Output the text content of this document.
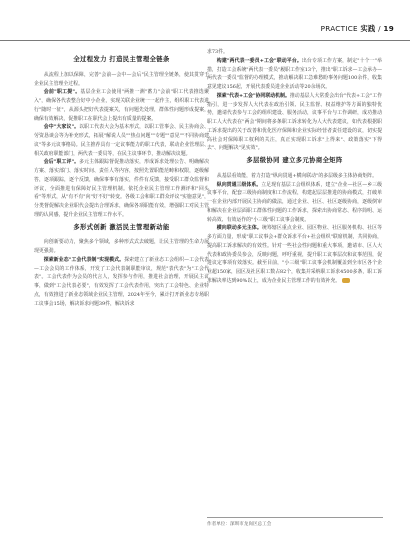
PRACTICE 实践 / 19
全过程发力 打造民主管理全链条

从流程上加以保障，完善"会前—会中—会后"民主管理全链条，使其贯穿于企业民主管理全过程。

会前"职工提"。基层企业工会使用"两推一测"蓄力"会前"职工代表推选聚入"，确保各代表整合好中小企业，实现关联企业统一一起作主，组织职工代表进行"随时一征"，从源头把好代表提案关，有问题先处理，群体性问题形成提案，确保有效解决，促推职工在职代会上提出有质量的提案。

会中"大家议"。以职工代表大会为基本形式，以职工管事会、民主协商会、劳资恳谈会等为补充形式，拓展"解说人员""热点问题""专题""意见""不同协商建议"等多元议事格局。民主推荐具有一定议事能力的职工代表，联动企业管理层、相关政府职能部门，两代表一委员等，在民主议事环节，推动解决议题。

会后"职工评"。多元主体跟踪督促推动落实，形成诉求处理公告、明确解决方案、落实部门、落实时间、责任人等内容，按照先置职能范畴和权限，逐级解答，逐项跟踪，逐个反馈，确保事事有落实，件件有反馈，接受职工群众监督和评议，全面推进有保障好民主管理机制。依托企业民主管理工作测评和"回头看"等形式，从"有不有"向"好不好"转变。各级工会和职工群众评议"实施意见"，分类督促解决企业职代会提出合理诉求，确保各项职能有效，增强职工对民主管理的认同感，提升企业民主管理工作水平。

多形式创新 激活民主管理新动能

向创新要动力，聚焦多个领域，多种形式式去破题，让民主管理的生命力展现更强劲。

探索新业态"工会代表制"实现模式。探索建立了新业态工会组织—工会代表—工会会员的工作体系，开发了工会代表制职能审议，规范"表代表"为"工会代表"。工会代表作为会员的代言人，发挥参与作用，推进社会治理，开展民主议事，做到"工会代表必要"，有效发挥了工会代表作用，突出了工会特色、企业特点，有效推进了新业态领域企业民主管理，2024年至今，累计打开新业态专场职工议事会15场，解决诉求问题39件，解决诉求

求73件。

构建"两代表一委员+工会"联动平台。出台专项工作方案，制定"十个一"举措，打造工会系统"两代表一委员"履职工作室13个，推出"职工诉求—工会承办—两代表一委员"监督的办理模式，推动解决职工急难愁盼事务问题100余件，收集意见建议156起，开展代表委员进企业活动等20余场次。

探索"代表+工会"协同联动机制。推动基层人大常委会出台"代表+工会"工作指引，进一步发挥人大代表在政治引领、民主监督、权益维护等方面的独特优势，邀请代表参与工会的组织建设、服务活动，议事平台与工作调研，成功推动职工人大代表在"两会"期间将多条职工诉求转化为人大代表建议，如代表根据职工诉求提出的关于改善和优化医疗保障和企业实际经营者责任建设的议，切实提高社会对保障职工权利的关注，真正实现职工诉求"上得来"、政策落实"下得去"、问题解决"见实效"。

多层级协同 建立多元协商全矩阵

从基层看效能，着力打造"纵向贯通+横向联动"的多层级多主体协商矩阵。

纵向贯通三级体系。立足现有基层工会组织体系，建立"企业—社区—乡三级议事平台，配套三级协商制度和工作流程，构建起层层推进的协商模式，打破单一在企业内部开展民主协商的做法，通过企业、社区、社区逐级协商，逐级倒审和解决在企业层面职工群体性问题的工作诉求，探索出协商常态、程序简明、运转高效、有效运作的"小三级"职工议事会制度。

横向联动多元主体。统筹辖区重点企业、园区物业、社区服务机构、社区等多方面力量，形成"职工议事会+群众诉求平台+社会组织"联席机制，共同协商，提高职工诉求解决的有效性。针对一些社会性问题和重大事项，邀请市、区人大代表和政协委员参会，反映问题，呼吁重视，提升职工议事层次和议事范围，促进议定事项有效落实。截至目前，"小三级"职工议事会机制覆盖到全市区各个企业超150家，园区及社区职工数占82个，收集并采纳职工诉求4500多条，职工诉求解决率达到90%以上，成为企业民主管理工作的有效补充。

作者单位：深圳市龙岗区总工会
